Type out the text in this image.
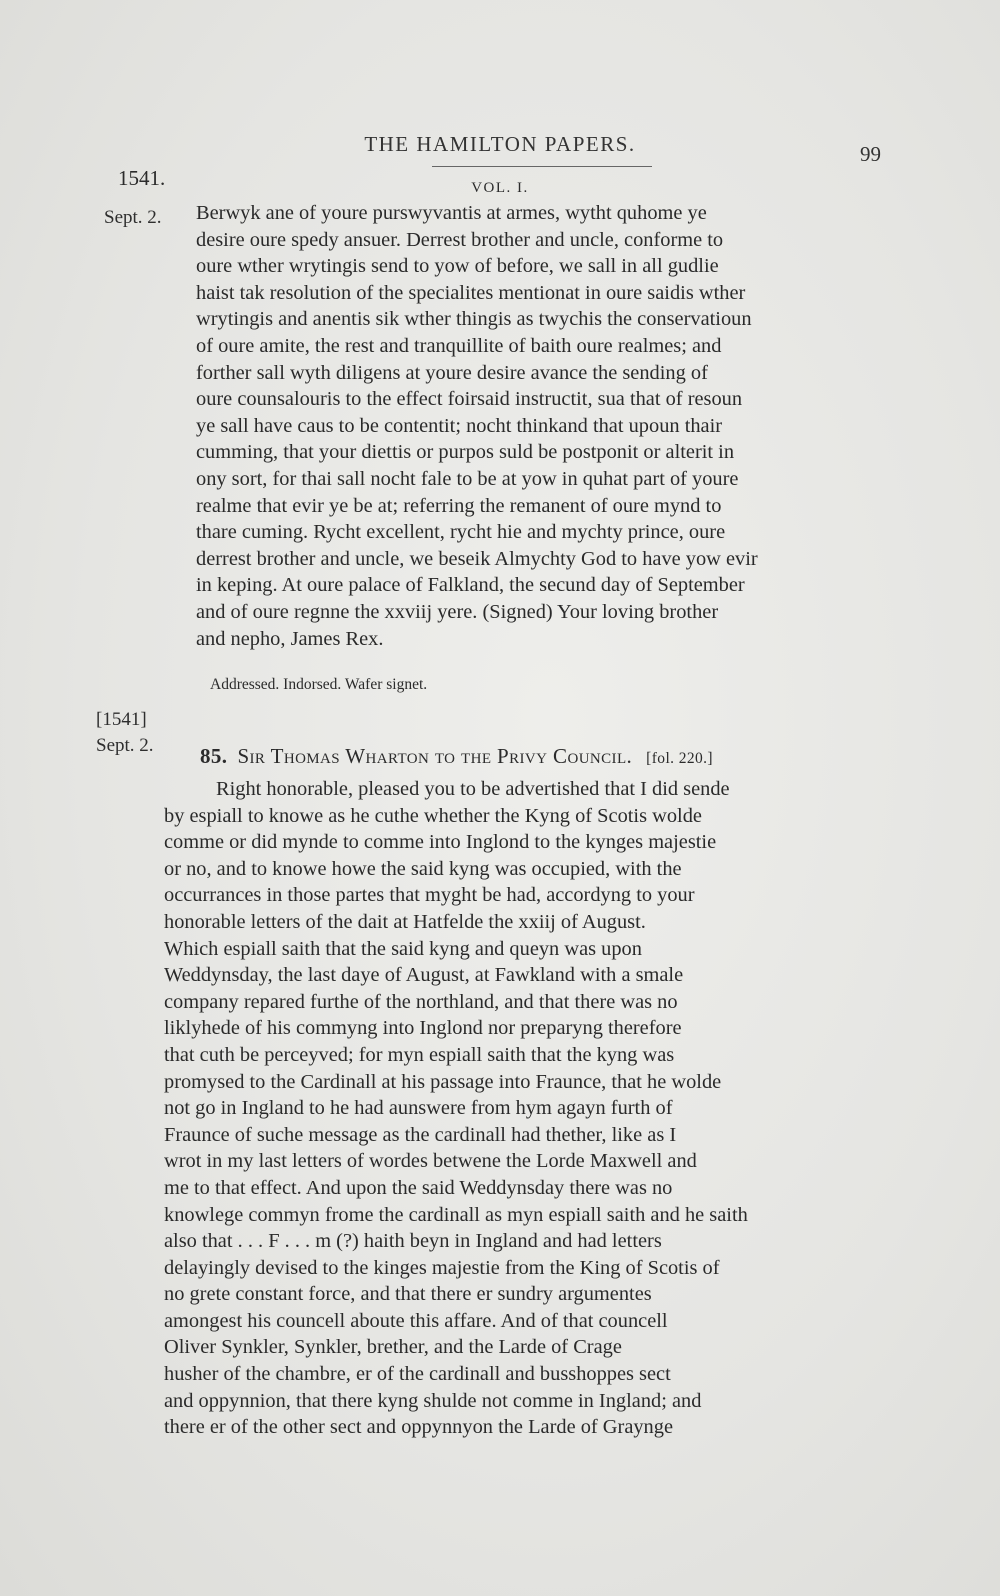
THE HAMILTON PAPERS.	99
1541.	VOL. I.
Sept. 2. Berwyk ane of youre purswyvantis at armes, wytht quhome ye
desire oure spedy ansuer. Derrest brother and uncle, conforme to
oure wther wrytingis send to yow of before, we sall in all gudlie
haist tak resolution of the specialites mentionat in oure saidis wther
wrytingis and anentis sik wther thingis as twychis the conservatioun
of oure amite, the rest and tranquillite of baith oure realmes; and
forther sall wyth diligens at youre desire avance the sending of
oure counsalouris to the effect foirsaid instructit, sua that of resoun
ye sall have caus to be contentit; nocht thinkand that upoun thair
cumming, that your diettis or purpos suld be postponit or alterit in
ony sort, for thai sall nocht fale to be at yow in quhat part of youre
realme that evir ye be at; referring the remanent of oure mynd to
thare cuming. Rycht excellent, rycht hie and mychty prince, oure
derrest brother and uncle, we beseik Almychty God to have yow evir
in keping. At oure palace of Falkland, the secund day of September
and of oure regnne the xxviij yere. (Signed) Your loving brother
and nepho, James Rex.
Addressed. Indorsed. Wafer signet.
[1541]
Sept. 2. 85. Sir Thomas Wharton to the Privy Council. [fol. 220.]
Right honorable, pleased you to be advertished that I did sende
by espiall to knowe as he cuthe whether the Kyng of Scotis wolde
comme or did mynde to comme into Inglond to the kynges majestie
or no, and to knowe howe the said kyng was occupied, with the
occurrances in those partes that myght be had, accordyng to your
honorable letters of the dait at Hatfelde the xxiij of August.
Which espiall saith that the said kyng and queyn was upon
Weddynsday, the last daye of August, at Fawkland with a smale
company repared furthe of the northland, and that there was no
liklyhede of his commyng into Inglond nor preparyng therefore
that cuth be perceyved; for myn espiall saith that the kyng was
promysed to the Cardinall at his passage into Fraunce, that he wolde
not go in Ingland to he had aunswere from hym agayn furth of
Fraunce of suche message as the cardinall had thether, like as I
wrot in my last letters of wordes betwene the Lorde Maxwell and
me to that effect. And upon the said Weddynsday there was no
knowlege commyn frome the cardinall as myn espiall saith and he saith
also that . . . F . . . m (?) haith beyn in Ingland and had letters
delayingly devised to the kinges majestie from the King of Scotis of
no grete constant force, and that there er sundry argumentes
amongest his councell aboute this affare. And of that councell
Oliver Synkler, Synkler, brether, and the Larde of Crage
husher of the chambre, er of the cardinall and busshoppes sect
and oppynnion, that there kyng shulde not comme in Ingland; and
there er of the other sect and oppynnyon the Larde of Graynge
